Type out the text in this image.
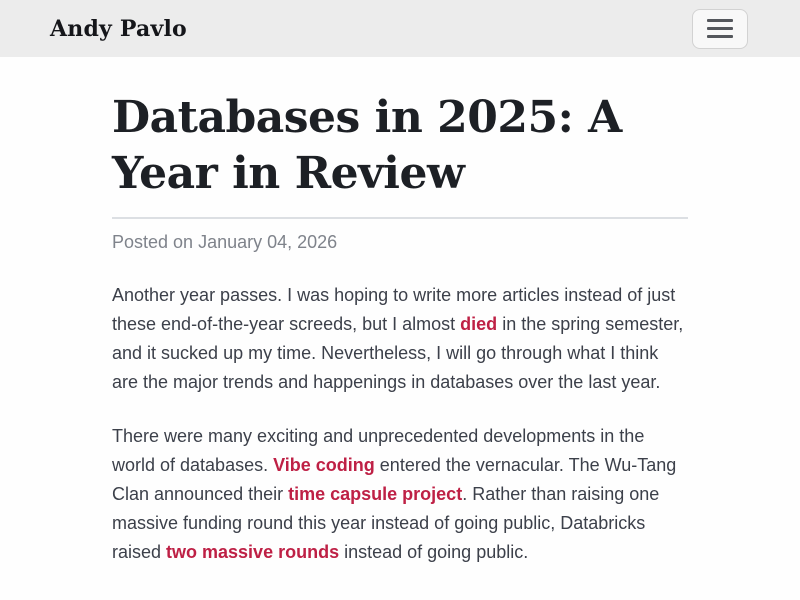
Andy Pavlo
Databases in 2025: A Year in Review

Posted on January 04, 2026

Another year passes. I was hoping to write more articles instead of just these end-of-the-year screeds, but I almost died in the spring semester, and it sucked up my time. Nevertheless, I will go through what I think are the major trends and happenings in databases over the last year.

There were many exciting and unprecedented developments in the world of databases. Vibe coding entered the vernacular. The Wu-Tang Clan announced their time capsule project. Rather than raising one massive funding round this year instead of going public, Databricks raised two massive rounds instead of going public.
